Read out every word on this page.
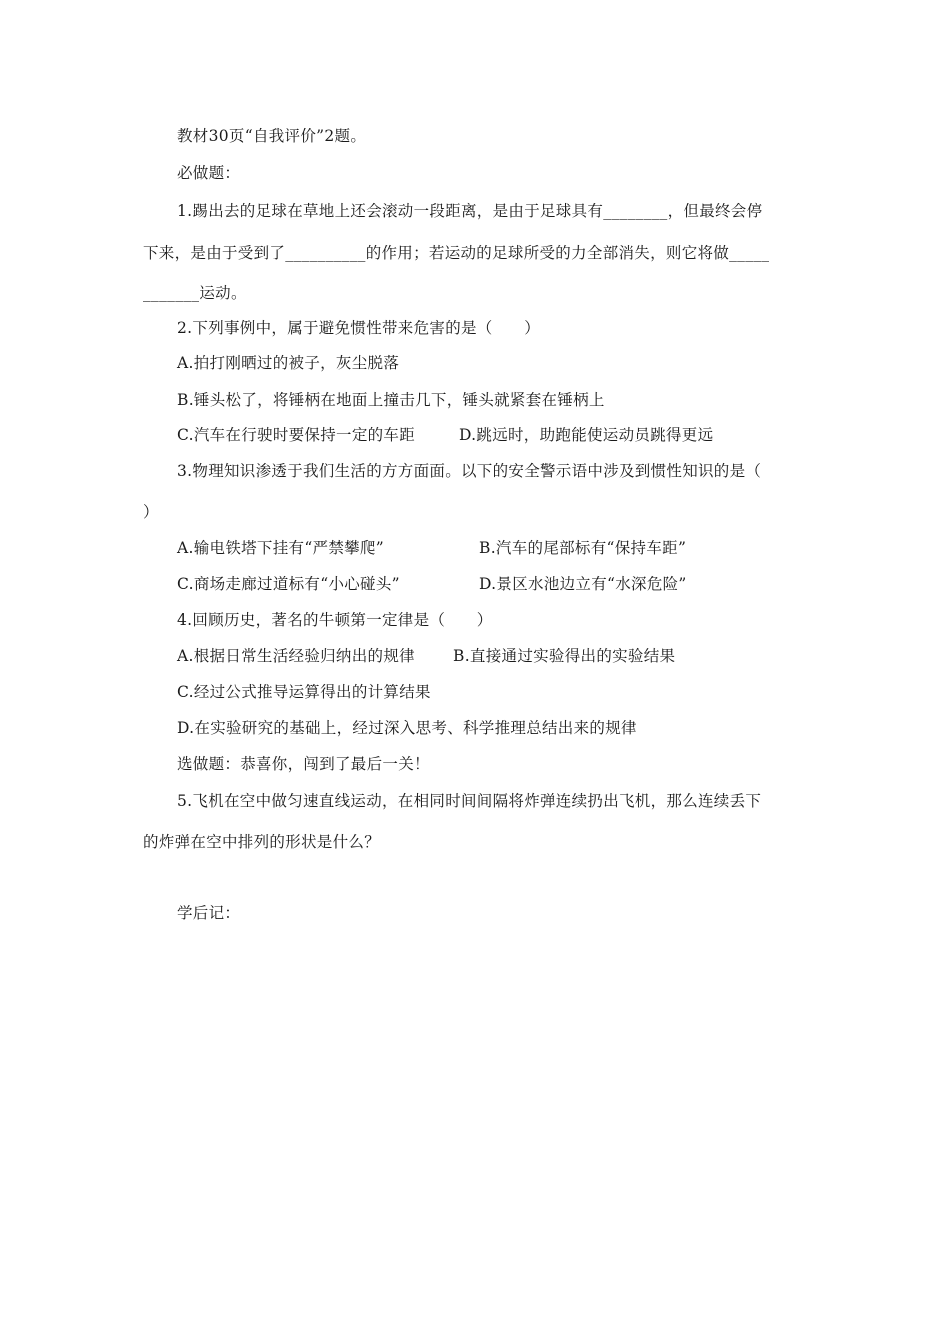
教材30页“自我评价”2题。
必做题：
1.踢出去的足球在草地上还会滚动一段距离，是由于足球具有________，但最终会停
下来，是由于受到了__________的作用；若运动的足球所受的力全部消失，则它将做_____
_______运动。
2.下列事例中，属于避免惯性带来危害的是（　　）
A.拍打刚晒过的被子，灰尘脱落
B.锤头松了，将锤柄在地面上撞击几下，锤头就紧套在锤柄上
C.汽车在行驶时要保持一定的车距	D.跳远时，助跑能使运动员跳得更远
3.物理知识渗透于我们生活的方方面面。以下的安全警示语中涉及到惯性知识的是（
）
A.输电铁塔下挂有“严禁攀爬”	B.汽车的尾部标有“保持车距”
C.商场走廊过道标有“小心碰头”	D.景区水池边立有“水深危险”
4.回顾历史，著名的牛顿第一定律是（　　）
A.根据日常生活经验归纳出的规律 B.直接通过实验得出的实验结果
C.经过公式推导运算得出的计算结果
D.在实验研究的基础上，经过深入思考、科学推理总结出来的规律
选做题：恭喜你，闯到了最后一关！
5.飞机在空中做匀速直线运动，在相同时间间隔将炸弹连续扔出飞机，那么连续丢下
的炸弹在空中排列的形状是什么？
学后记：
